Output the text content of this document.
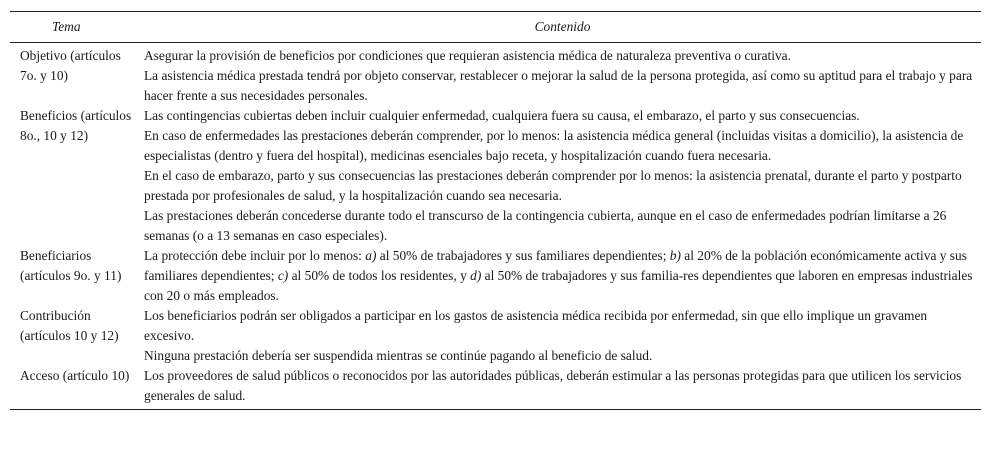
Tema	Contenido
Objetivo (artículos 7o. y 10)

Asegurar la provisión de beneficios por condiciones que requieran asistencia médica de naturaleza preventiva o curativa.

La asistencia médica prestada tendrá por objeto conservar, restablecer o mejorar la salud de la persona protegida, así como su aptitud para el trabajo y para hacer frente a sus necesidades personales.

Beneficios (artículos 8o., 10 y 12)

Las contingencias cubiertas deben incluir cualquier enfermedad, cualquiera fuera su causa, el embarazo, el parto y sus consecuencias.

En caso de enfermedades las prestaciones deberán comprender, por lo menos: la asistencia médica general (incluidas visitas a domicilio), la asistencia de especialistas (dentro y fuera del hospital), medicinas esenciales bajo receta, y hospitalización cuando fuera necesaria.

En el caso de embarazo, parto y sus consecuencias las prestaciones deberán comprender por lo menos: la asistencia prenatal, durante el parto y postparto prestada por profesionales de salud, y la hospitalización cuando sea necesaria.

Las prestaciones deberán concederse durante todo el transcurso de la contingencia cubierta, aunque en el caso de enfermedades podrían limitarse a 26 semanas (o a 13 semanas en caso especiales).

Beneficiarios (artículos 9o. y 11)

La protección debe incluir por lo menos: a) al 50% de trabajadores y sus familiares dependientes; b) al 20% de la población económicamente activa y sus familiares dependientes; c) al 50% de todos los residentes, y d) al 50% de trabajadores y sus familia-res dependientes que laboren en empresas industriales con 20 o más empleados.

Contribución (artículos 10 y 12)

Los beneficiarios podrán ser obligados a participar en los gastos de asistencia médica recibida por enfermedad, sin que ello implique un gravamen excesivo.

Ninguna prestación debería ser suspendida mientras se continúe pagando al beneficio de salud.

Acceso (artículo 10) Los proveedores de salud públicos o reconocidos por las autoridades públicas, deberán estimular a las personas protegidas para que utilicen los servicios generales de salud.
